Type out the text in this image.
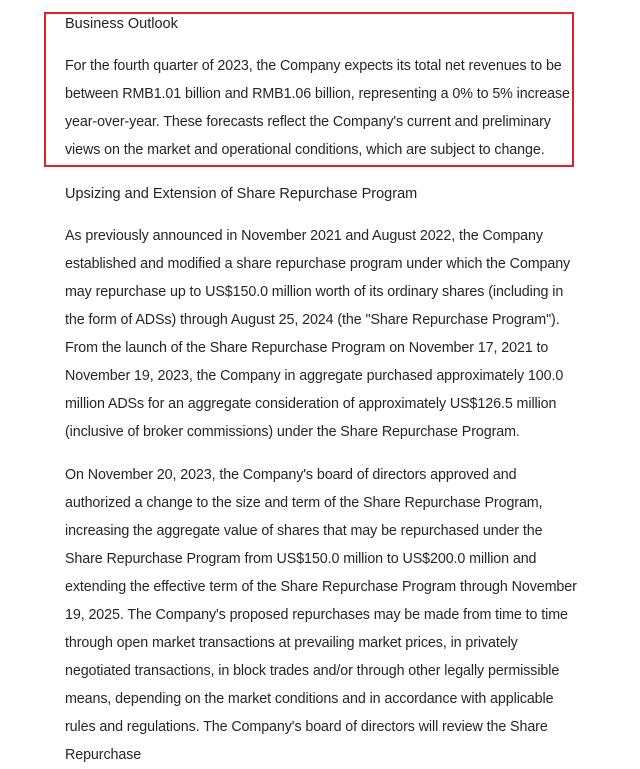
Business Outlook

For the fourth quarter of 2023, the Company expects its total net revenues to be between RMB1.01 billion and RMB1.06 billion, representing a 0% to 5% increase year-over-year. These forecasts reflect the Company's current and preliminary views on the market and operational conditions, which are subject to change.

Upsizing and Extension of Share Repurchase Program

As previously announced in November 2021 and August 2022, the Company established and modified a share repurchase program under which the Company may repurchase up to US$150.0 million worth of its ordinary shares (including in the form of ADSs) through August 25, 2024 (the "Share Repurchase Program"). From the launch of the Share Repurchase Program on November 17, 2021 to November 19, 2023, the Company in aggregate purchased approximately 100.0 million ADSs for an aggregate consideration of approximately US$126.5 million (inclusive of broker commissions) under the Share Repurchase Program.

On November 20, 2023, the Company's board of directors approved and authorized a change to the size and term of the Share Repurchase Program, increasing the aggregate value of shares that may be repurchased under the Share Repurchase Program from US$150.0 million to US$200.0 million and extending the effective term of the Share Repurchase Program through November 19, 2025. The Company's proposed repurchases may be made from time to time through open market transactions at prevailing market prices, in privately negotiated transactions, in block trades and/or through other legally permissible means, depending on the market conditions and in accordance with applicable rules and regulations. The Company's board of directors will review the Share Repurchase
